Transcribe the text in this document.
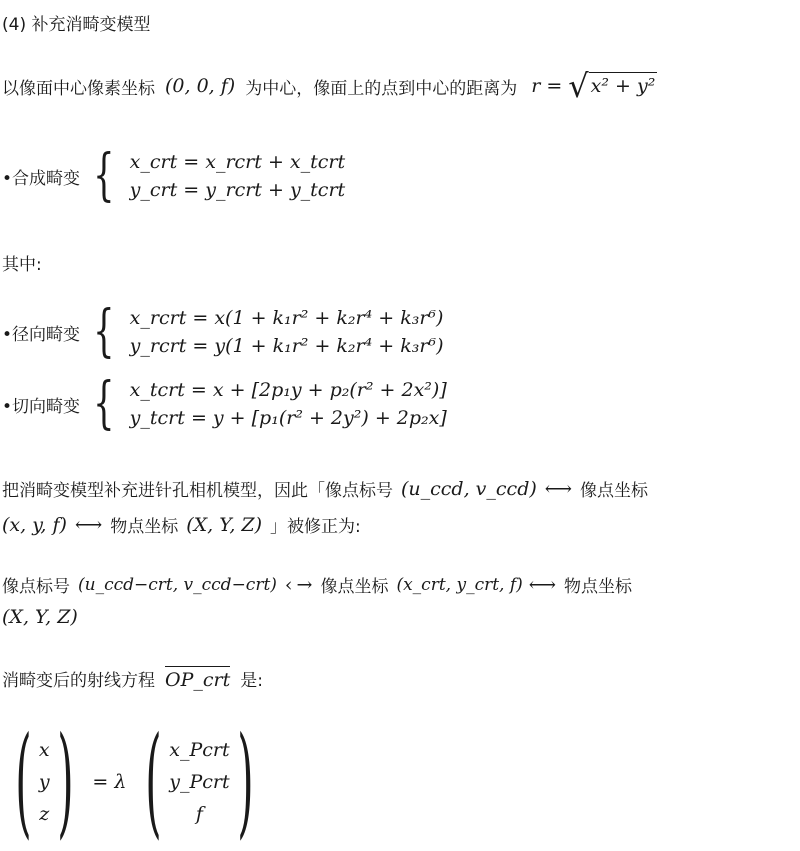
(4) 补充消畸变模型
以像面中心像素坐标 (0, 0, f) 为中心，像面上的点到中心的距离为 r = √ x² + y²
•合成畸变 { x_crt = x_rcrt + x_tcrt
y_crt = y_rcrt + y_tcrt
其中:
•径向畸变 { x_rcrt = x(1 + k₁r² + k₂r⁴ + k₃r⁶)
y_rcrt = y(1 + k₁r² + k₂r⁴ + k₃r⁶)
•切向畸变 { x_tcrt = x + [2p₁y + p₂(r² + 2x²)]
y_tcrt = y + [p₁(r² + 2y²) + 2p₂x]
把消畸变模型补充进针孔相机模型，因此「像点标号 (u_ccd, v_ccd) ⟷ 像点坐标
(x, y, f) ⟷ 物点坐标 (X, Y, Z) 」被修正为:
像点标号 (u_ccd−crt, v_ccd−crt) ‹ → 像点坐标 (x_crt, y_crt, f) ⟷ 物点坐标
(X, Y, Z)
消畸变后的射线方程 OP_crt 是:
( x
y
z ) = λ ( x_Pcrt
y_Pcrt
f )
